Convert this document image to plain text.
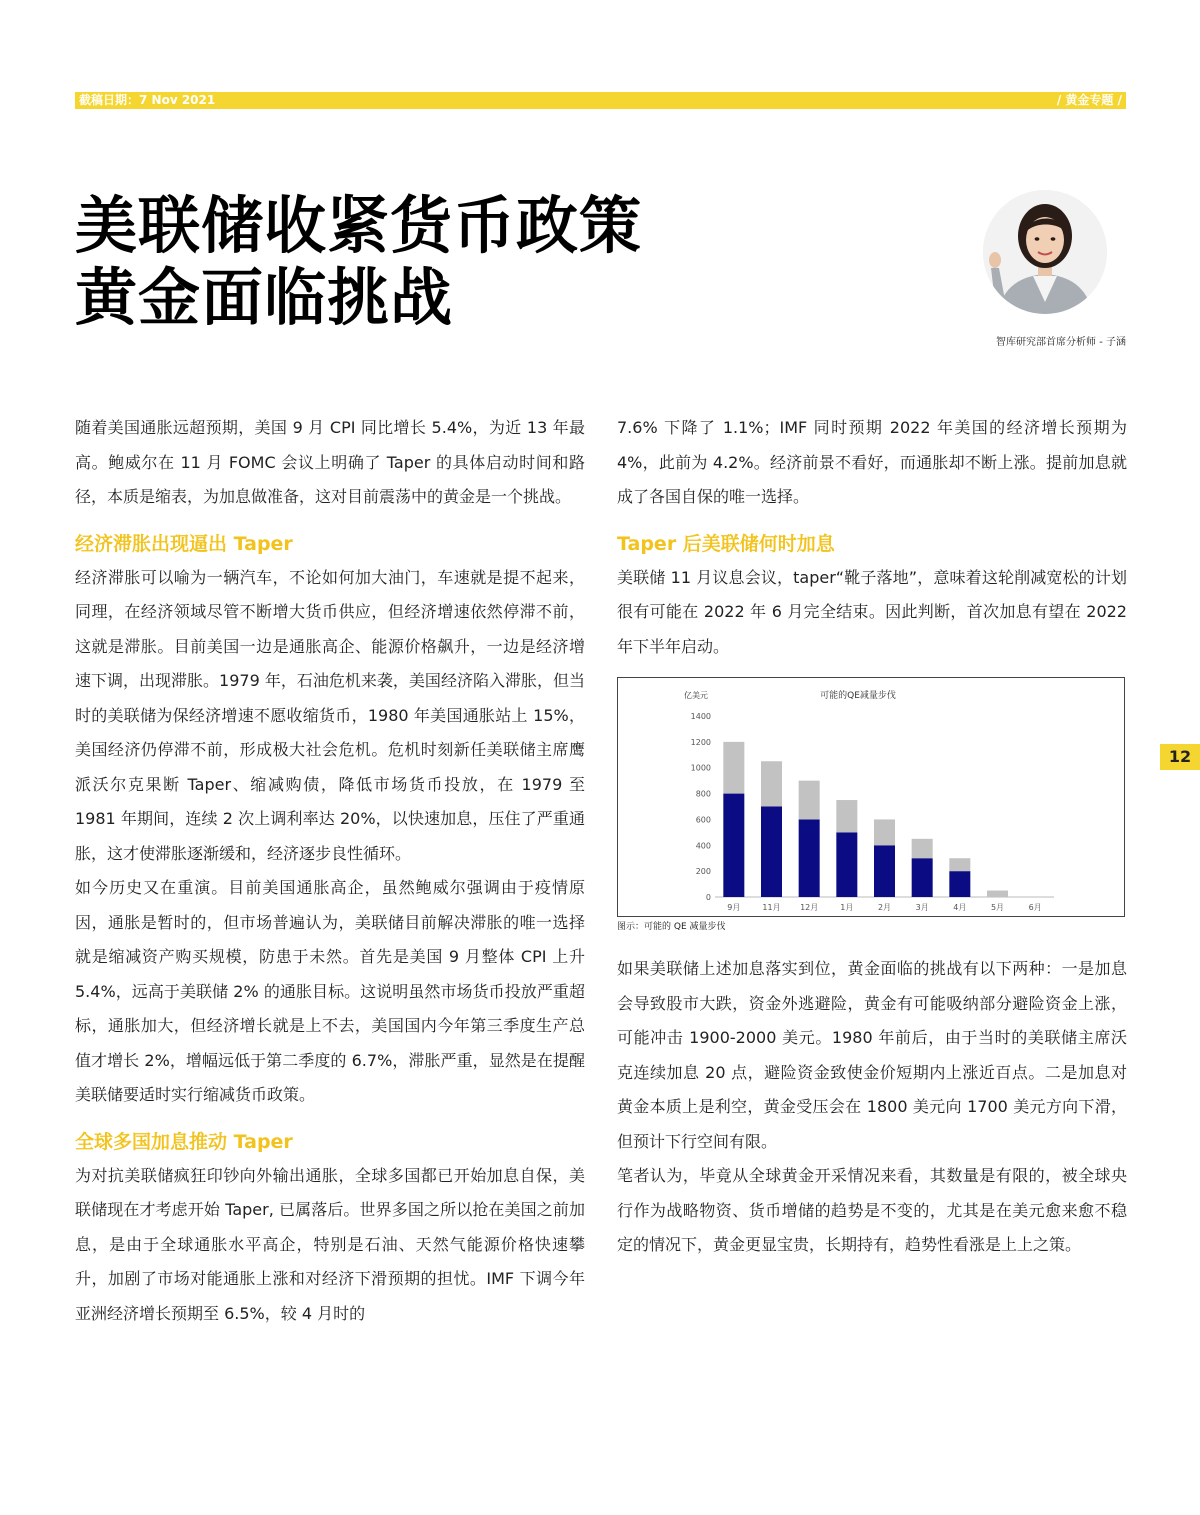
截稿日期：7 Nov 2021	/ 黄金专题 /
美联储收紧货币政策
黄金面临挑战
智库研究部首席分析师 - 子涵

随着美国通胀远超预期，美国 9 月 CPI 同比增长 5.4%，为近 13 年最高。鲍威尔在 11 月 FOMC 会议上明确了 Taper 的具体启动时间和路径，本质是缩表，为加息做准备，这对目前震荡中的黄金是一个挑战。

经济滞胀出现逼出 Taper

经济滞胀可以喻为一辆汽车，不论如何加大油门，车速就是提不起来，同理，在经济领域尽管不断增大货币供应，但经济增速依然停滞不前，这就是滞胀。目前美国一边是通胀高企、能源价格飙升，一边是经济增速下调，出现滞胀。1979 年，石油危机来袭，美国经济陷入滞胀，但当时的美联储为保经济增速不愿收缩货币，1980 年美国通胀站上 15%，美国经济仍停滞不前，形成极大社会危机。危机时刻新任美联储主席鹰派沃尔克果断 Taper、缩减购债，降低市场货币投放，在 1979 至 1981 年期间，连续 2 次上调利率达 20%，以快速加息，压住了严重通胀，这才使滞胀逐渐缓和，经济逐步良性循环。

如今历史又在重演。目前美国通胀高企，虽然鲍威尔强调由于疫情原因，通胀是暂时的，但市场普遍认为，美联储目前解决滞胀的唯一选择就是缩减资产购买规模，防患于未然。首先是美国 9 月整体 CPI 上升 5.4%，远高于美联储 2% 的通胀目标。这说明虽然市场货币投放严重超标，通胀加大，但经济增长就是上不去，美国国内今年第三季度生产总值才增长 2%，增幅远低于第二季度的 6.7%，滞胀严重，显然是在提醒美联储要适时实行缩减货币政策。

全球多国加息推动 Taper

为对抗美联储疯狂印钞向外输出通胀，全球多国都已开始加息自保，美联储现在才考虑开始 Taper, 已属落后。世界多国之所以抢在美国之前加息，是由于全球通胀水平高企，特别是石油、天然气能源价格快速攀升，加剧了市场对能通胀上涨和对经济下滑预期的担忧。IMF 下调今年亚洲经济增长预期至 6.5%，较 4 月时的

7.6% 下降了 1.1%；IMF 同时预期 2022 年美国的经济增长预期为 4%，此前为 4.2%。经济前景不看好，而通胀却不断上涨。提前加息就成了各国自保的唯一选择。

Taper 后美联储何时加息

美联储 11 月议息会议，taper“靴子落地”，意味着这轮削减宽松的计划很有可能在 2022 年 6 月完全结束。因此判断，首次加息有望在 2022 年下半年启动。

可能的QE减量步伐
亿美元
0
200
400
600
800
1000
1200
1400
9月	11月 12月	1月	2月	3月	4月	5月	6月
图示：可能的 QE 减量步伐

如果美联储上述加息落实到位，黄金面临的挑战有以下两种：一是加息会导致股市大跌，资金外逃避险，黄金有可能吸纳部分避险资金上涨，可能冲击 1900-2000 美元。1980 年前后，由于当时的美联储主席沃克连续加息 20 点，避险资金致使金价短期内上涨近百点。二是加息对黄金本质上是利空，黄金受压会在 1800 美元向 1700 美元方向下滑，但预计下行空间有限。

笔者认为，毕竟从全球黄金开采情况来看，其数量是有限的，被全球央行作为战略物资、货币增储的趋势是不变的，尤其是在美元愈来愈不稳定的情况下，黄金更显宝贵，长期持有，趋势性看涨是上上之策。

12
